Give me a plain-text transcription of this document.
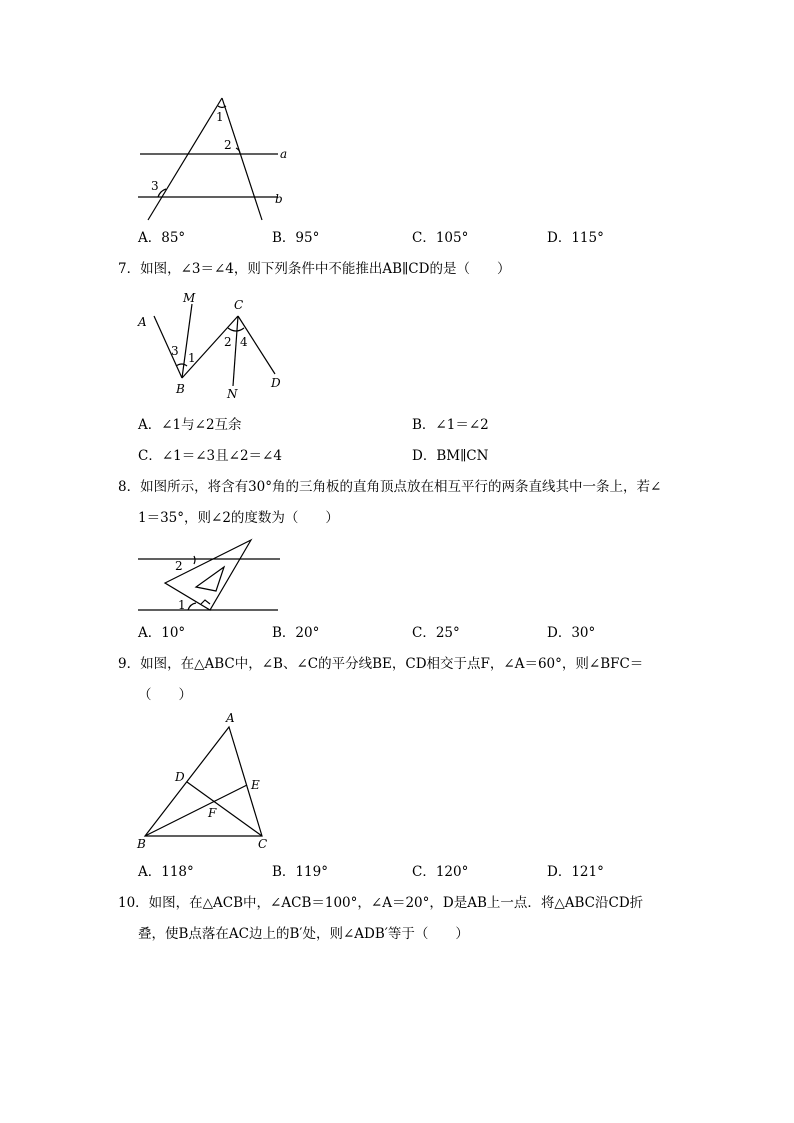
1
2
3
a
b
A．85°	B．95°	C．105°	D．115°
7．如图，∠3＝∠4，则下列条件中不能推出AB∥CD的是（　　）
A
M	C
B	N
D
3 1
2 4
A．∠1与∠2互余	B．∠1＝∠2
C．∠1＝∠3且∠2＝∠4	D．BM∥CN
8．如图所示，将含有30°角的三角板的直角顶点放在相互平行的两条直线其中一条上，若∠
1＝35°，则∠2的度数为（　　）
2
1
A．10°	B．20°	C．25°	D．30°
9．如图，在△ABC中，∠B、∠C的平分线BE，CD相交于点F，∠A＝60°，则∠BFC＝
（　　）
A
B	C
D
E
F
A．118°	B．119°	C．120°	D．121°
10．如图，在△ACB中，∠ACB＝100°，∠A＝20°，D是AB上一点．将△ABC沿CD折
叠，使B点落在AC边上的B′处，则∠ADB′等于（　　）
